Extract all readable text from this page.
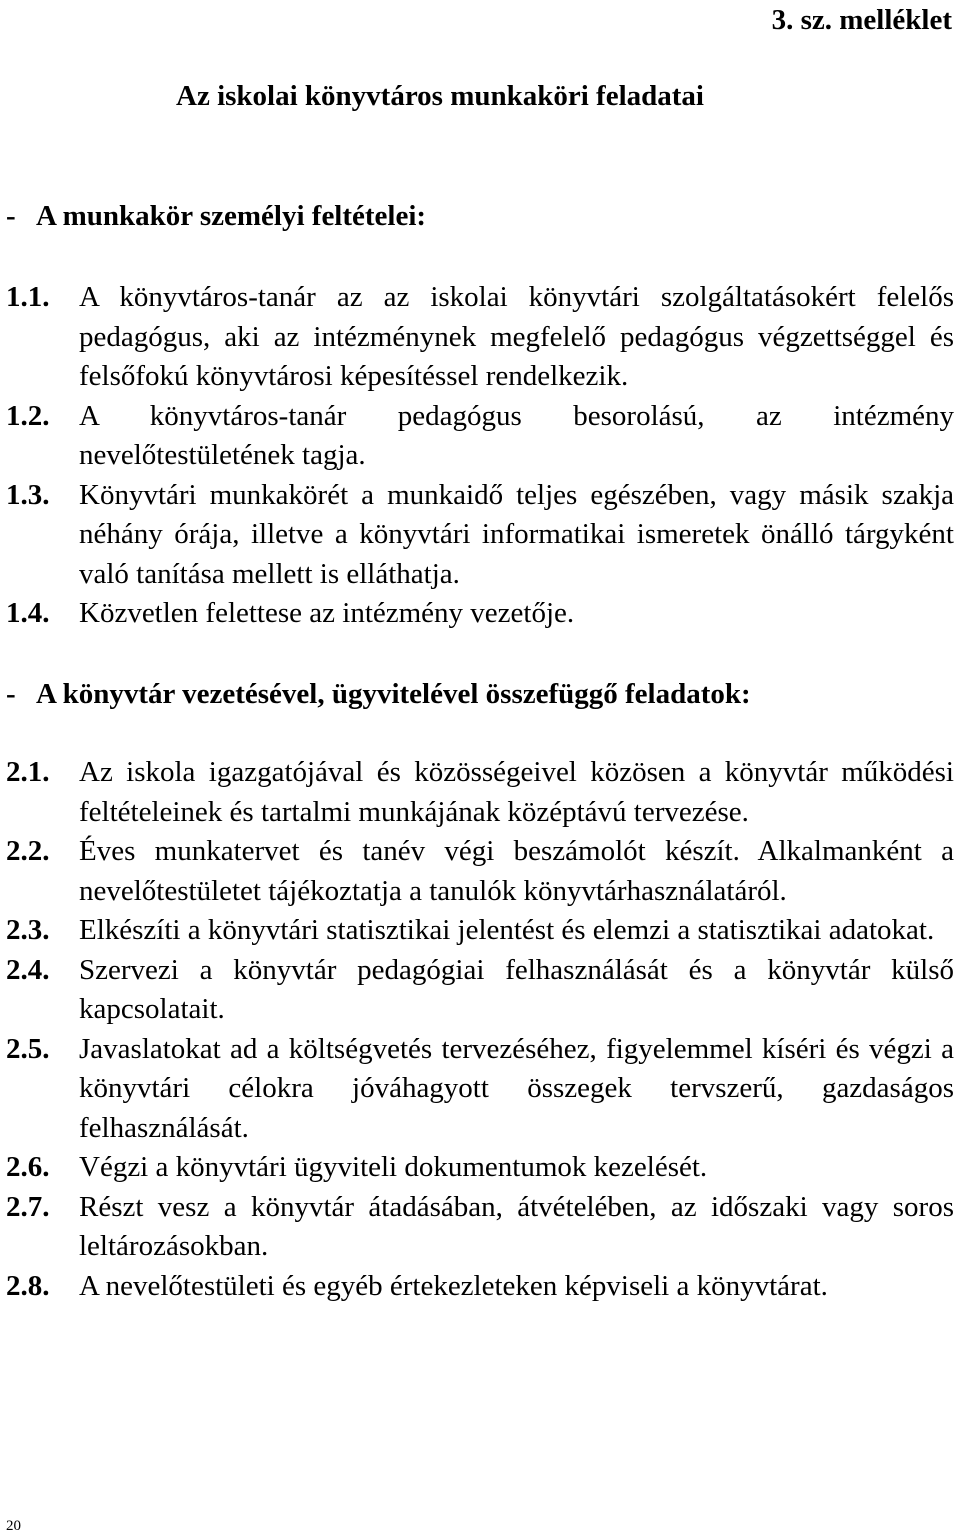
3. sz. melléklet
Az iskolai könyvtáros munkaköri feladatai
- A munkakör személyi feltételei:
1.1.	A könyvtáros-tanár az az iskolai könyvtári szolgáltatásokért felelős pedagógus, aki az intézménynek megfelelő pedagógus végzettséggel és felsőfokú könyvtárosi képesítéssel rendelkezik.
1.2.	A könyvtáros-tanár pedagógus besorolású, az intézmény nevelőtestületének tagja.
1.3.	Könyvtári munkakörét a munkaidő teljes egészében, vagy másik szakja néhány órája, illetve a könyvtári informatikai ismeretek önálló tárgyként való tanítása mellett is elláthatja.
1.4.	Közvetlen felettese az intézmény vezetője.
- A könyvtár vezetésével, ügyvitelével összefüggő feladatok:
2.1.	Az iskola igazgatójával és közösségeivel közösen a könyvtár működési feltételeinek és tartalmi munkájának középtávú tervezése.
2.2.	Éves munkatervet és tanév végi beszámolót készít. Alkalmanként a nevelőtestületet tájékoztatja a tanulók könyvtárhasználatáról.
2.3.	Elkészíti a könyvtári statisztikai jelentést és elemzi a statisztikai adatokat.
2.4.	Szervezi a könyvtár pedagógiai felhasználását és a könyvtár külső kapcsolatait.
2.5.	Javaslatokat ad a költségvetés tervezéséhez, figyelemmel kíséri és végzi a könyvtári célokra jóváhagyott összegek tervszerű, gazdaságos felhasználását.
2.6.	Végzi a könyvtári ügyviteli dokumentumok kezelését.
2.7.	Részt vesz a könyvtár átadásában, átvételében, az időszaki vagy soros leltározásokban.
2.8.	A nevelőtestületi és egyéb értekezleteken képviseli a könyvtárat.
20
